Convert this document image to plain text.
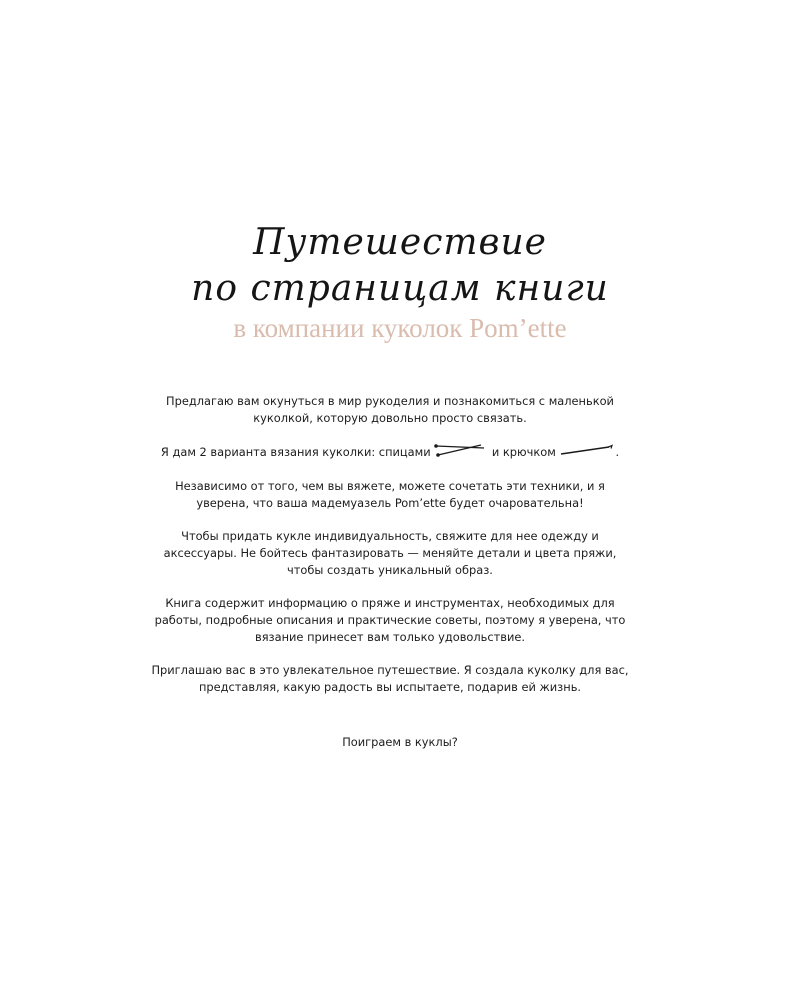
Путешествие
по страницам книги
в компании куколок Pom’ette

Предлагаю вам окунуться в мир рукоделия и познакомиться с маленькой куколкой, которую довольно просто связать.

Я дам 2 варианта вязания куколки: спицами	и крючком	.

Независимо от того, чем вы вяжете, можете сочетать эти техники, и я уверена, что ваша мадемуазель Pom’ette будет очаровательна!

Чтобы придать кукле индивидуальность, свяжите для нее одежду и аксессуары. Не бойтесь фантазировать — меняйте детали и цвета пряжи, чтобы создать уникальный образ.

Книга содержит информацию о пряже и инструментах, необходимых для работы, подробные описания и практические советы, поэтому я уверена, что вязание принесет вам только удовольствие.

Приглашаю вас в это увлекательное путешествие. Я создала куколку для вас, представляя, какую радость вы испытаете, подарив ей жизнь.

Поиграем в куклы?
